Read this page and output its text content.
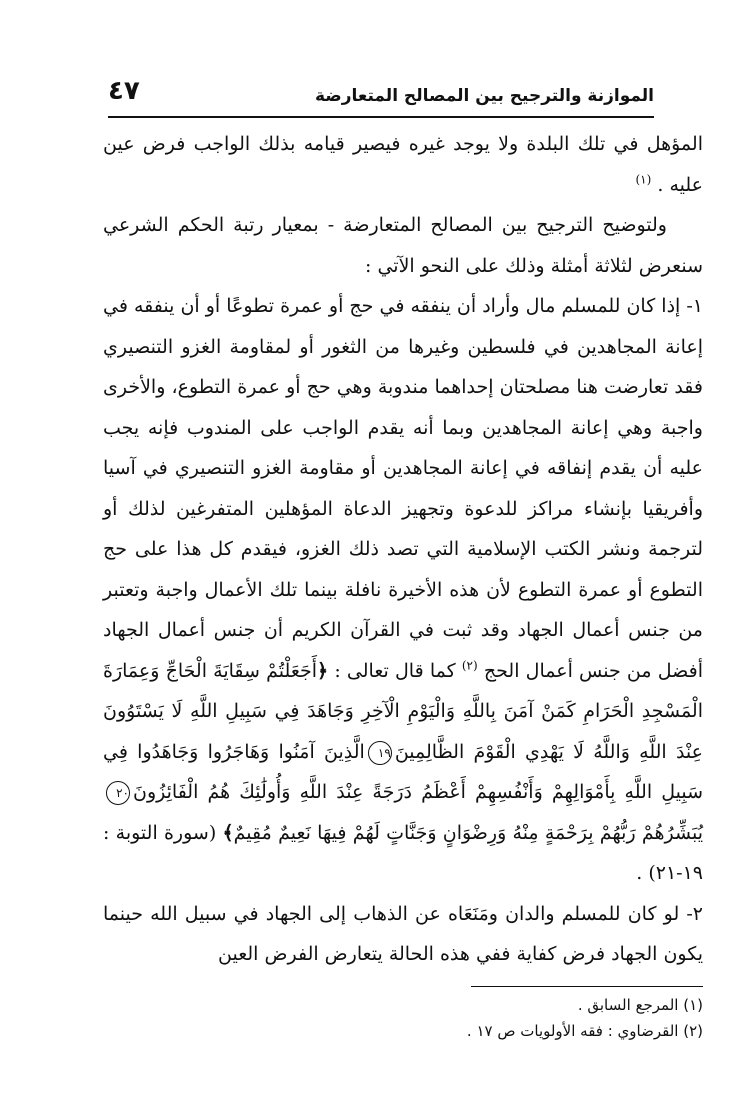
٤٧	الموازنة والترجيح بين المصالح المتعارضة

المؤهل في تلك البلدة ولا يوجد غيره فيصير قيامه بذلك الواجب فرض عين عليه . $^{(١)}$

ولتوضيح الترجيح بين المصالح المتعارضة - بمعيار رتبة الحكم الشرعي سنعرض لثلاثة أمثلة وذلك على النحو الآتي :

١- إذا كان للمسلم مال وأراد أن ينفقه في حج أو عمرة تطوعًا أو أن ينفقه في إعانة المجاهدين في فلسطين وغيرها من الثغور أو لمقاومة الغزو التنصيري فقد تعارضت هنا مصلحتان إحداهما مندوبة وهي حج أو عمرة التطوع، والأخرى واجبة وهي إعانة المجاهدين وبما أنه يقدم الواجب على المندوب فإنه يجب عليه أن يقدم إنفاقه في إعانة المجاهدين أو مقاومة الغزو التنصيري في آسيا وأفريقيا بإنشاء مراكز للدعوة وتجهيز الدعاة المؤهلين المتفرغين لذلك أو لترجمة ونشر الكتب الإسلامية التي تصد ذلك الغزو، فيقدم كل هذا على حج التطوع أو عمرة التطوع لأن هذه الأخيرة نافلة بينما تلك الأعمال واجبة وتعتبر من جنس أعمال الجهاد وقد ثبت في القرآن الكريم أن جنس أعمال الجهاد أفضل من جنس أعمال الحج $^{(٢)}$ كما قال تعالى : ﴿أَجَعَلْتُمْ سِقَايَةَ الْحَاجِّ وَعِمَارَةَ الْمَسْجِدِ الْحَرَامِ كَمَنْ آمَنَ بِاللَّهِ وَالْيَوْمِ الْآخِرِ وَجَاهَدَ فِي سَبِيلِ اللَّهِ لَا يَسْتَوُونَ عِنْدَ اللَّهِ وَاللَّهُ لَا يَهْدِي الْقَوْمَ الظَّالِمِينَ١٩الَّذِينَ آمَنُوا وَهَاجَرُوا وَجَاهَدُوا فِي سَبِيلِ اللَّهِ بِأَمْوَالِهِمْ وَأَنْفُسِهِمْ أَعْظَمُ دَرَجَةً عِنْدَ اللَّهِ وَأُولَٰئِكَ هُمُ الْفَائِزُونَ٢٠يُبَشِّرُهُمْ رَبُّهُمْ بِرَحْمَةٍ مِنْهُ وَرِضْوَانٍ وَجَنَّاتٍ لَهُمْ فِيهَا نَعِيمٌ مُقِيمٌ﴾ (سورة التوبة : ١٩-٢١) .

٢- لو كان للمسلم والدان ومَنَعَاه عن الذهاب إلى الجهاد في سبيل الله حينما يكون الجهاد فرض كفاية ففي هذه الحالة يتعارض الفرض العين

(١) المرجع السابق .

(٢) القرضاوي : فقه الأولويات ص ١٧ .
